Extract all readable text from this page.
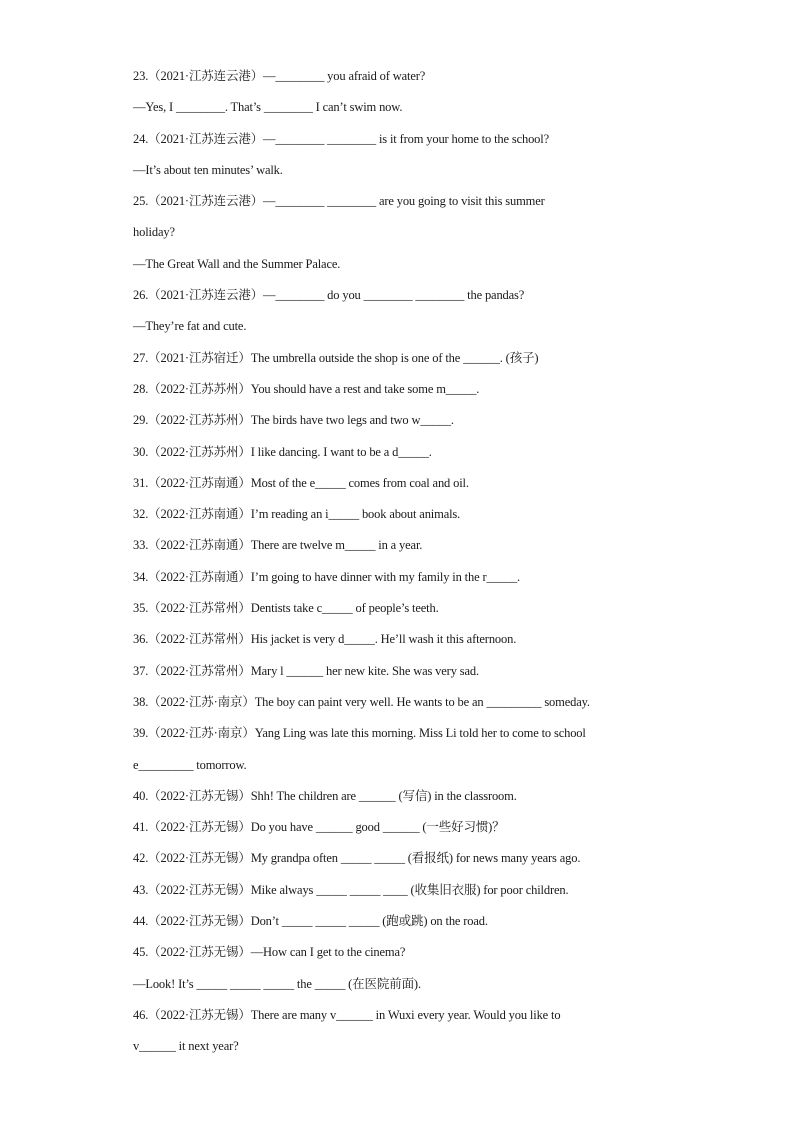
23.（2021·江苏连云港）—________ you afraid of water?
—Yes, I ________. That’s ________ I can’t swim now.
24.（2021·江苏连云港）—________ ________ is it from your home to the school?
—It’s about ten minutes’ walk.
25.（2021·江苏连云港）—________ ________ are you going to visit this summer
holiday?
—The Great Wall and the Summer Palace.
26.（2021·江苏连云港）—________ do you ________ ________ the pandas?
—They’re fat and cute.
27.（2021·江苏宿迁）The umbrella outside the shop is one of the ______. (孩子)
28.（2022·江苏苏州）You should have a rest and take some m_____.
29.（2022·江苏苏州）The birds have two legs and two w_____.
30.（2022·江苏苏州）I like dancing. I want to be a d_____.
31.（2022·江苏南通）Most of the e_____ comes from coal and oil.
32.（2022·江苏南通）I’m reading an i_____ book about animals.
33.（2022·江苏南通）There are twelve m_____ in a year.
34.（2022·江苏南通）I’m going to have dinner with my family in the r_____.
35.（2022·江苏常州）Dentists take c_____ of people’s teeth.
36.（2022·江苏常州）His jacket is very d_____. He’ll wash it this afternoon.
37.（2022·江苏常州）Mary l ______ her new kite. She was very sad.
38.（2022·江苏·南京）The boy can paint very well. He wants to be an _________ someday.
39.（2022·江苏·南京）Yang Ling was late this morning. Miss Li told her to come to school
e_________ tomorrow.
40.（2022·江苏无锡）Shh! The children are ______ (写信) in the classroom.
41.（2022·江苏无锡）Do you have ______ good ______ (一些好习惯)？
42.（2022·江苏无锡）My grandpa often _____ _____ (看报纸) for news many years ago.
43.（2022·江苏无锡）Mike always _____ _____ ____ (收集旧衣服) for poor children.
44.（2022·江苏无锡）Don’t _____ _____ _____ (跑或跳) on the road.
45.（2022·江苏无锡）—How can I get to the cinema?
—Look! It’s _____ _____ _____ the _____ (在医院前面).
46.（2022·江苏无锡）There are many v______ in Wuxi every year. Would you like to
v______ it next year?
